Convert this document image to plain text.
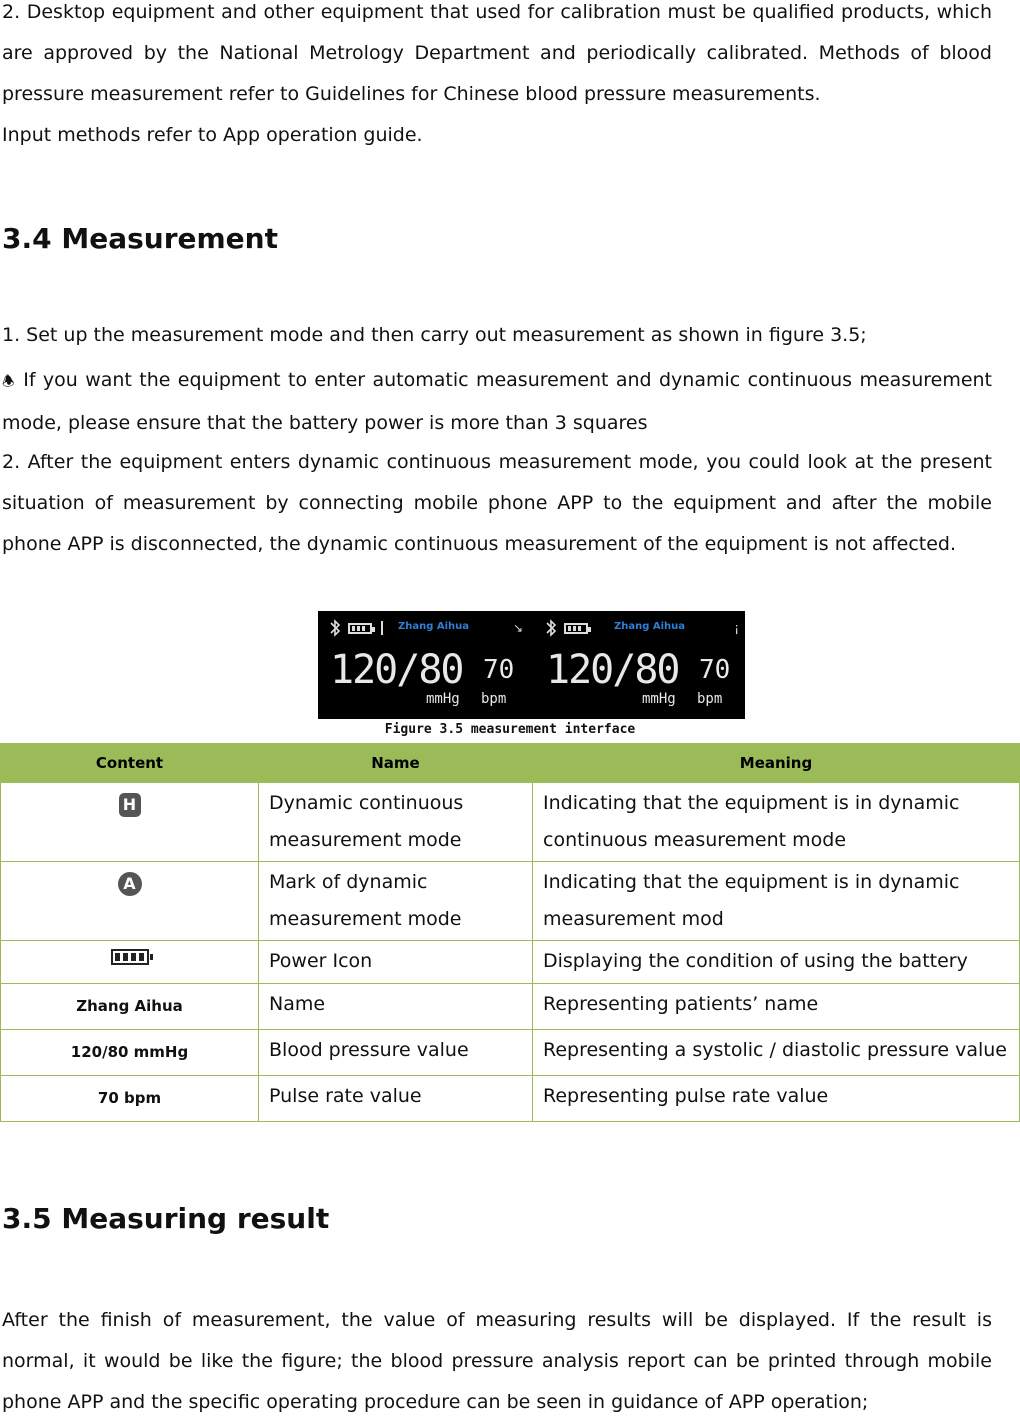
2. Desktop equipment and other equipment that used for calibration must be qualified products, which are approved by the National Metrology Department and periodically calibrated. Methods of blood pressure measurement refer to Guidelines for Chinese blood pressure measurements.
Input methods refer to App operation guide.
3.4 Measurement
1. Set up the measurement mode and then carry out measurement as shown in figure 3.5;
🕭 If you want the equipment to enter automatic measurement and dynamic continuous measurement mode, please ensure that the battery power is more than 3 squares
2. After the equipment enters dynamic continuous measurement mode, you could look at the present situation of measurement by connecting mobile phone APP to the equipment and after the mobile phone APP is disconnected, the dynamic continuous measurement of the equipment is not affected.
Zhang Aihua	↘
120/80
mmHg
70
bpm
Zhang Aihua	¡
120/80
mmHg
70
bpm
Figure 3.5 measurement interface
Content	Name	Meaning
H	Dynamic continuous measurement mode	Indicating that the equipment is in dynamic continuous measurement mode
A	Mark of dynamic measurement mode	Indicating that the equipment is in dynamic measurement mod

	Power Icon	Displaying the condition of using the battery
Zhang Aihua	Name	Representing patients’ name
120/80 mmHg	Blood pressure value	Representing a systolic / diastolic pressure value
70 bpm	Pulse rate value	Representing pulse rate value
3.5 Measuring result
After the finish of measurement, the value of measuring results will be displayed. If the result is normal, it would be like the figure; the blood pressure analysis report can be printed through mobile phone APP and the specific operating procedure can be seen in guidance of APP operation;
